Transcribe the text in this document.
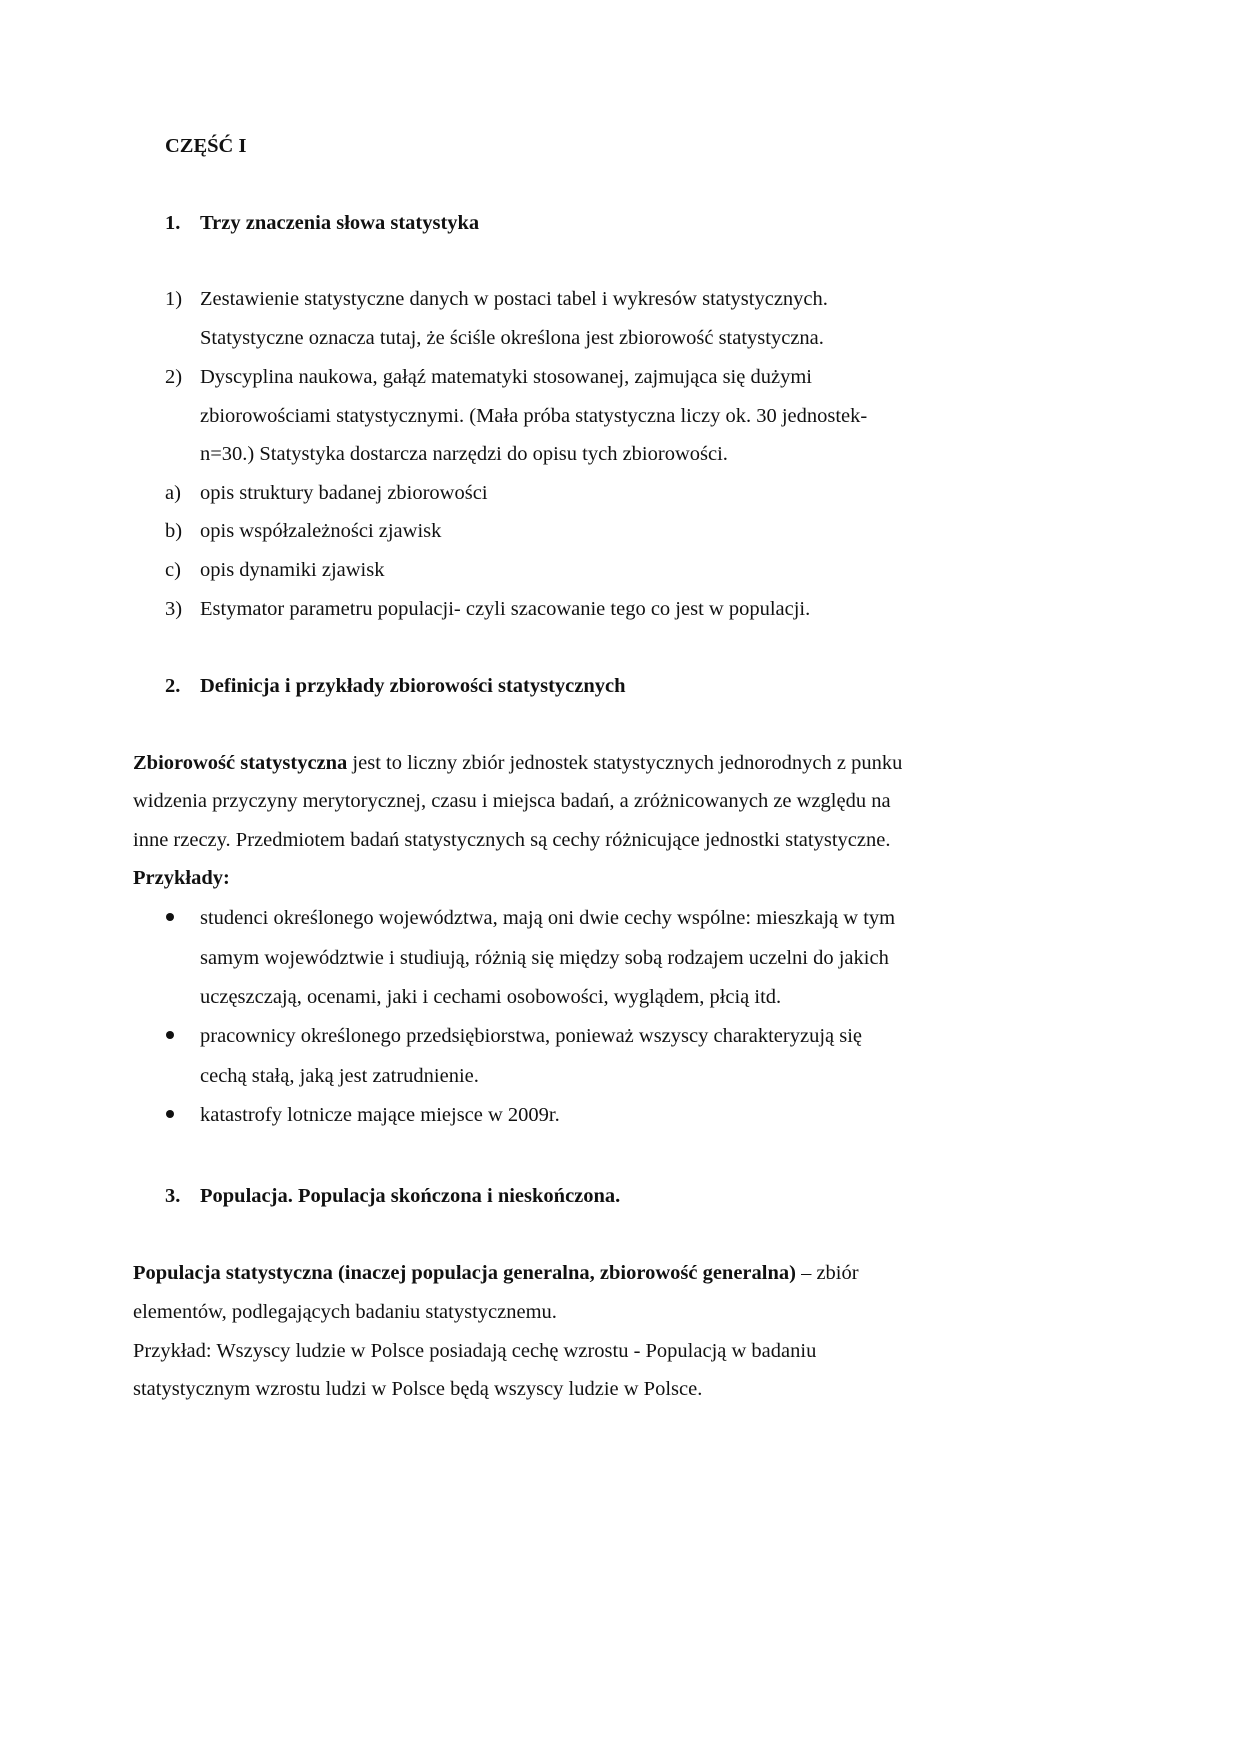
CZĘŚĆ I
1. Trzy znaczenia słowa statystyka
1) Zestawienie statystyczne danych w postaci tabel i wykresów statystycznych.
Statystyczne oznacza tutaj, że ściśle określona jest zbiorowość statystyczna.
2) Dyscyplina naukowa, gałąź matematyki stosowanej, zajmująca się dużymi
zbiorowościami statystycznymi. (Mała próba statystyczna liczy ok. 30 jednostek-
n=30.) Statystyka dostarcza narzędzi do opisu tych zbiorowości.
a) opis struktury badanej zbiorowości
b) opis współzależności zjawisk
c) opis dynamiki zjawisk
3) Estymator parametru populacji- czyli szacowanie tego co jest w populacji.
2. Definicja i przykłady zbiorowości statystycznych
Zbiorowość statystyczna jest to liczny zbiór jednostek statystycznych jednorodnych z punku
widzenia przyczyny merytorycznej, czasu i miejsca badań, a zróżnicowanych ze względu na
inne rzeczy. Przedmiotem badań statystycznych są cechy różnicujące jednostki statystyczne.
Przykłady:
studenci określonego województwa, mają oni dwie cechy wspólne: mieszkają w tym
samym województwie i studiują, różnią się między sobą rodzajem uczelni do jakich
uczęszczają, ocenami, jaki i cechami osobowości, wyglądem, płcią itd.
pracownicy określonego przedsiębiorstwa, ponieważ wszyscy charakteryzują się
cechą stałą, jaką jest zatrudnienie.
katastrofy lotnicze mające miejsce w 2009r.
3. Populacja. Populacja skończona i nieskończona.
Populacja statystyczna (inaczej populacja generalna, zbiorowość generalna) – zbiór
elementów, podlegających badaniu statystycznemu.
Przykład: Wszyscy ludzie w Polsce posiadają cechę wzrostu - Populacją w badaniu
statystycznym wzrostu ludzi w Polsce będą wszyscy ludzie w Polsce.
